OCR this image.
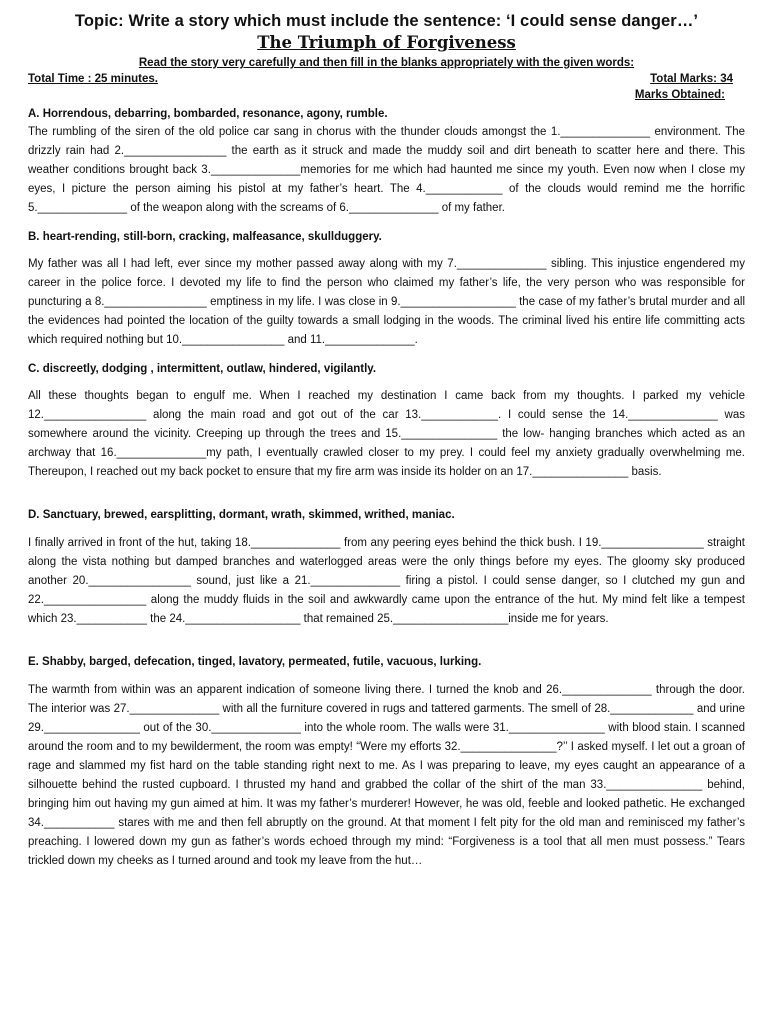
Topic: Write a story which must include the sentence: ‘I could sense danger…’
The Triumph of Forgiveness
Read the story very carefully and then fill in the blanks appropriately with the given words:
Total Time : 25 minutes.	Total Marks: 34
Marks Obtained:
A. Horrendous, debarring, bombarded, resonance, agony, rumble.
The rumbling of the siren of the old police car sang in chorus with the thunder clouds amongst the 1.______________ environment. The drizzly rain had 2.________________ the earth as it struck and made the muddy soil and dirt beneath to scatter here and there. This weather conditions brought back 3.______________memories for me which had haunted me since my youth. Even now when I close my eyes, I picture the person aiming his pistol at my father’s heart. The 4.____________ of the clouds would remind me the horrific 5.______________ of the weapon along with the screams of 6.______________ of my father.
B. heart-rending, still-born, cracking, malfeasance, skullduggery.
My father was all I had left, ever since my mother passed away along with my 7.______________ sibling. This injustice engendered my career in the police force. I devoted my life to find the person who claimed my father’s life, the very person who was responsible for puncturing a 8.________________ emptiness in my life. I was close in 9.__________________ the case of my father’s brutal murder and all the evidences had pointed the location of the guilty towards a small lodging in the woods. The criminal lived his entire life committing acts which required nothing but 10.________________ and 11.______________.
C. discreetly, dodging , intermittent, outlaw, hindered, vigilantly.
All these thoughts began to engulf me. When I reached my destination I came back from my thoughts. I parked my vehicle 12.________________ along the main road and got out of the car 13.____________. I could sense the 14.______________ was somewhere around the vicinity. Creeping up through the trees and 15._______________ the low- hanging branches which acted as an archway that 16.______________my path, I eventually crawled closer to my prey. I could feel my anxiety gradually overwhelming me. Thereupon, I reached out my back pocket to ensure that my fire arm was inside its holder on an 17._______________ basis.
D. Sanctuary, brewed, earsplitting, dormant, wrath, skimmed, writhed, maniac.
I finally arrived in front of the hut, taking 18.______________ from any peering eyes behind the thick bush. I 19.________________ straight along the vista nothing but damped branches and waterlogged areas were the only things before my eyes. The gloomy sky produced another 20.________________ sound, just like a 21.______________ firing a pistol. I could sense danger, so I clutched my gun and 22.________________ along the muddy fluids in the soil and awkwardly came upon the entrance of the hut. My mind felt like a tempest which 23.___________ the 24.__________________ that remained 25.__________________inside me for years.
E. Shabby, barged, defecation, tinged, lavatory, permeated, futile, vacuous, lurking.
The warmth from within was an apparent indication of someone living there. I turned the knob and 26.______________ through the door. The interior was 27.______________ with all the furniture covered in rugs and tattered garments. The smell of 28._____________ and urine 29._______________ out of the 30.______________ into the whole room. The walls were 31._______________ with blood stain. I scanned around the room and to my bewilderment, the room was empty! “Were my efforts 32._______________?’’ I asked myself. I let out a groan of rage and slammed my fist hard on the table standing right next to me. As I was preparing to leave, my eyes caught an appearance of a silhouette behind the rusted cupboard. I thrusted my hand and grabbed the collar of the shirt of the man 33._______________ behind, bringing him out having my gun aimed at him. It was my father’s murderer! However, he was old, feeble and looked pathetic. He exchanged 34.___________ stares with me and then fell abruptly on the ground. At that moment I felt pity for the old man and reminisced my father’s preaching. I lowered down my gun as father’s words echoed through my mind: “Forgiveness is a tool that all men must possess.” Tears trickled down my cheeks as I turned around and took my leave from the hut…
